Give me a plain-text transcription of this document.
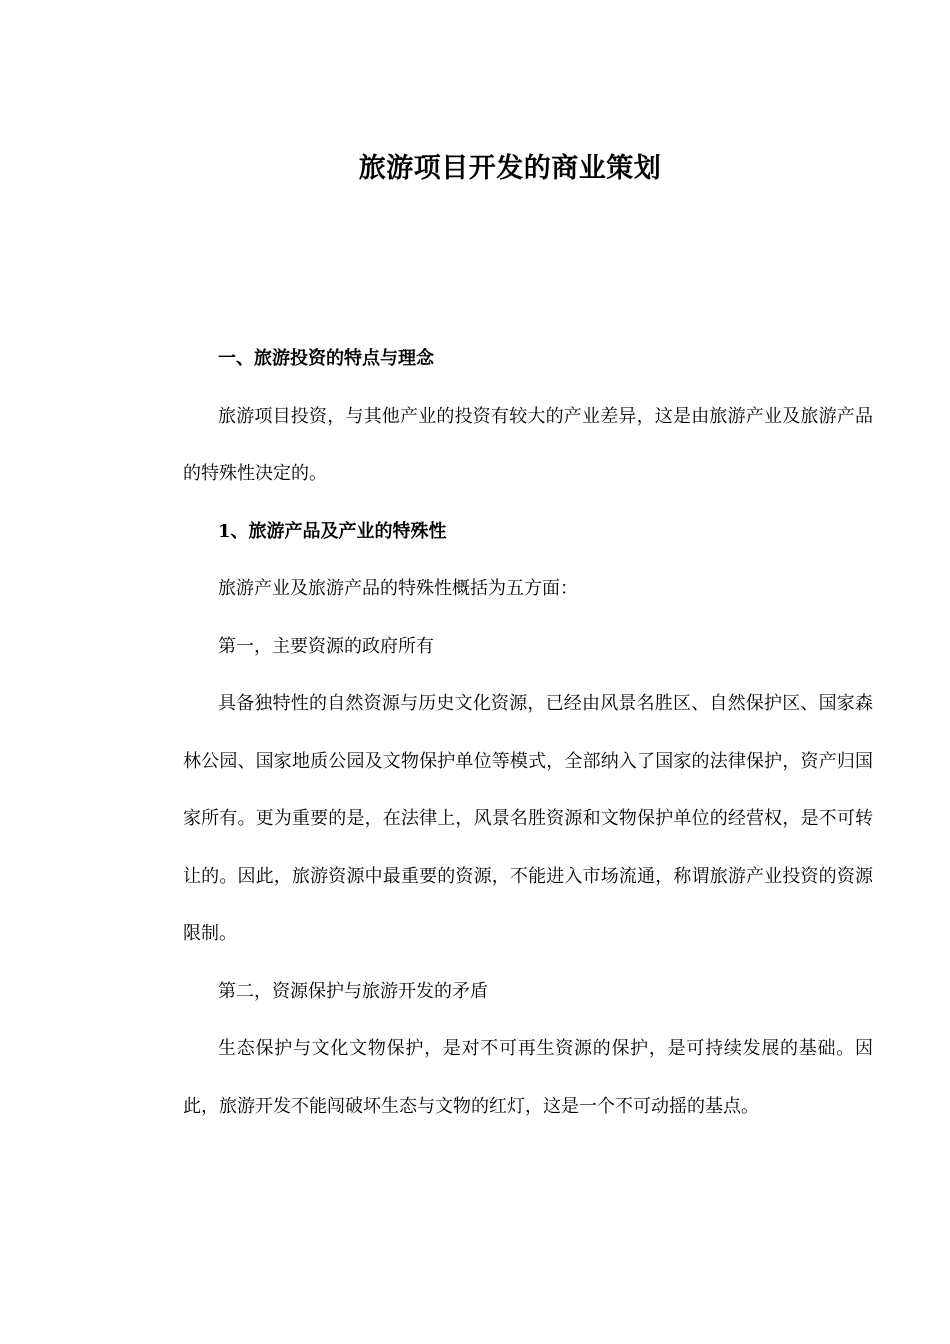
旅游项目开发的商业策划

一、旅游投资的特点与理念

旅游项目投资，与其他产业的投资有较大的产业差异，这是由旅游产业及旅游产品的特殊性决定的。

1、旅游产品及产业的特殊性

旅游产业及旅游产品的特殊性概括为五方面：

第一，主要资源的政府所有

具备独特性的自然资源与历史文化资源，已经由风景名胜区、自然保护区、国家森林公园、国家地质公园及文物保护单位等模式，全部纳入了国家的法律保护，资产归国家所有。更为重要的是，在法律上，风景名胜资源和文物保护单位的经营权，是不可转让的。因此，旅游资源中最重要的资源，不能进入市场流通，称谓旅游产业投资的资源限制。

第二，资源保护与旅游开发的矛盾

生态保护与文化文物保护，是对不可再生资源的保护，是可持续发展的基础。因此，旅游开发不能闯破坏生态与文物的红灯，这是一个不可动摇的基点。
